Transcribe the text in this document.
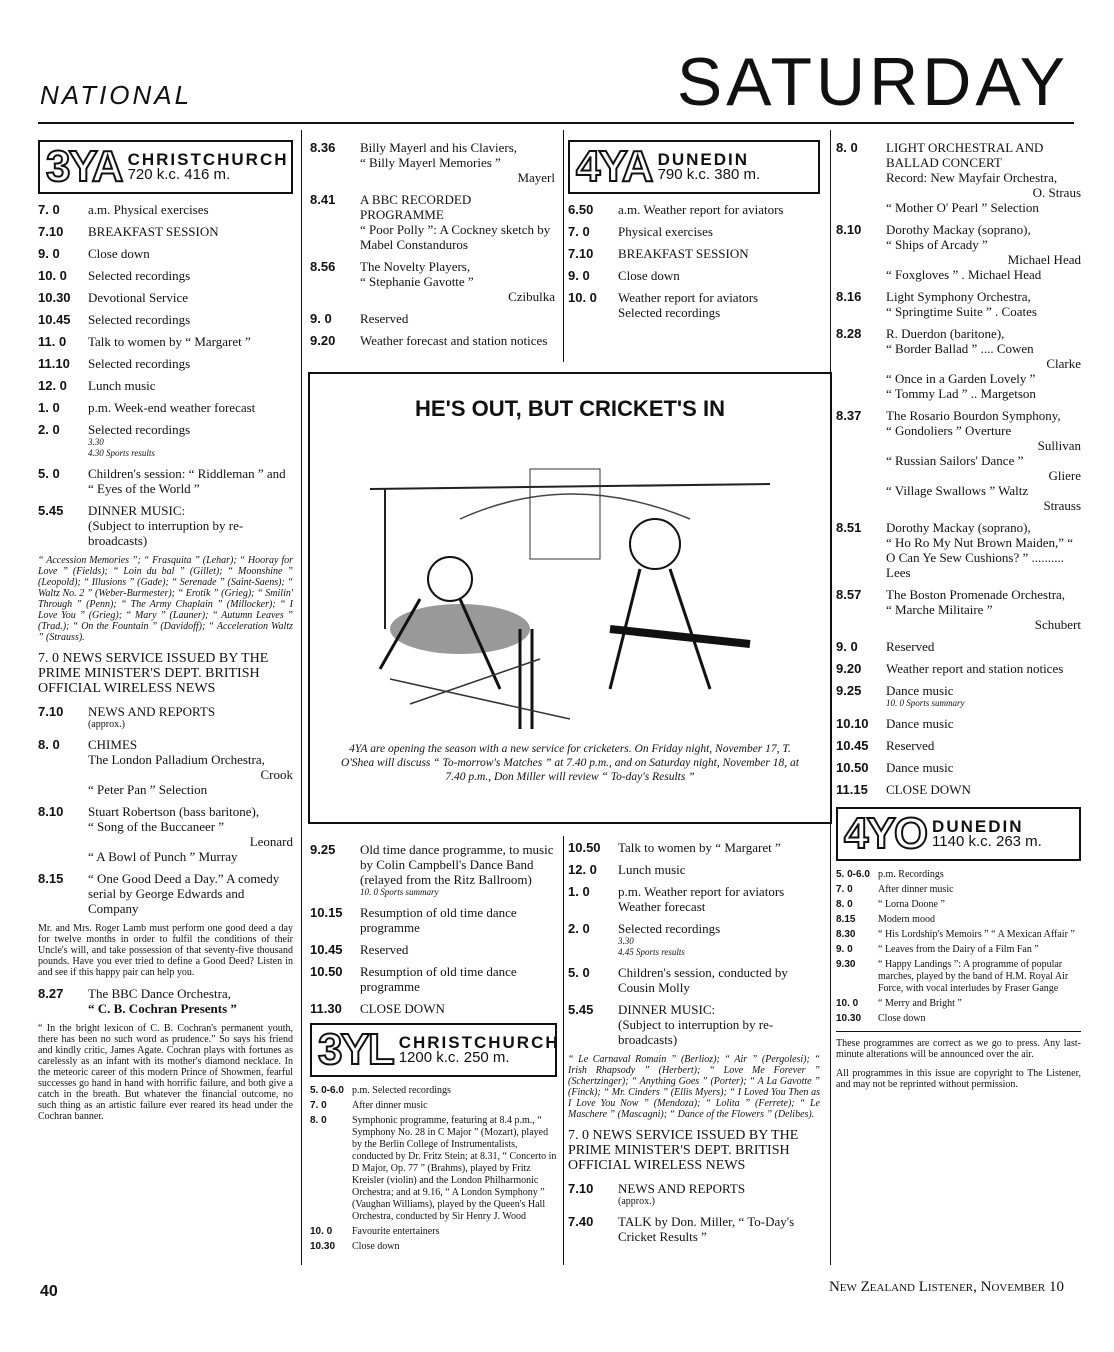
NATIONAL	SATURDAY
3YA CHRISTCHURCH
720 k.c. 416 m.
7. 0	a.m. Physical exercises
7.10	BREAKFAST SESSION
9. 0	Close down
10. 0	Selected recordings
10.30	Devotional Service
10.45	Selected recordings
11. 0	Talk to women by “ Margaret ”
11.10	Selected recordings
12. 0	Lunch music
1. 0	p.m. Week-end weather forecast
2. 0	Selected recordings
3.30
4.30 Sports results
5. 0	Children's session: “ Riddleman ” and “ Eyes of the World ”
5.45	DINNER MUSIC:
(Subject to interruption by re-broadcasts)
“ Accession Memories ”; “ Frasquita ” (Lehar); “ Hooray for Love ” (Fields); “ Loin du bal ” (Gillet); “ Moonshine ” (Leopold); “ Illusions ” (Gade); “ Serenade ” (Saint-Saens); “ Waltz No. 2 ” (Weber-Burmester); “ Erotik ” (Grieg); “ Smilin' Through ” (Penn); “ The Army Chaplain ” (Millocker); “ I Love You ” (Grieg); “ Mary ” (Launer); “ Autumn Leaves ” (Trad.); “ On the Fountain ” (Davidoff); “ Acceleration Waltz ” (Strauss).
7. 0 NEWS SERVICE ISSUED BY THE PRIME MINISTER'S DEPT. BRITISH OFFICIAL WIRELESS NEWS
7.10	NEWS AND REPORTS
(approx.)
8. 0	CHIMES
The London Palladium Orchestra,
Crook
“ Peter Pan ” Selection
8.10	Stuart Robertson (bass baritone),
“ Song of the Buccaneer ”
Leonard
“ A Bowl of Punch ” Murray
8.15	“ One Good Deed a Day.” A comedy serial by George Edwards and Company
Mr. and Mrs. Roger Lamb must perform one good deed a day for twelve months in order to fulfil the conditions of their Uncle's will, and take possession of that seventy-five thousand pounds. Have you ever tried to define a Good Deed? Listen in and see if this happy pair can help you.
8.27	The BBC Dance Orchestra,
“ C. B. Cochran Presents ”
“ In the bright lexicon of C. B. Cochran's permanent youth, there has been no such word as prudence.” So says his friend and kindly critic, James Agate. Cochran plays with fortunes as carelessly as an infant with its mother's diamond necklace. In the meteoric career of this modern Prince of Showmen, fearful successes go hand in hand with horrific failure, and both give a catch in the breath. But whatever the financial outcome, no such thing as an artistic failure ever reared its head under the Cochran banner.
8.36	Billy Mayerl and his Claviers,
“ Billy Mayerl Memories ”
Mayerl
8.41	A BBC RECORDED PROGRAMME
“ Poor Polly ”: A Cockney sketch by Mabel Constanduros
8.56	The Novelty Players,
“ Stephanie Gavotte ”
Czibulka
9. 0	Reserved
9.20	Weather forecast and station notices
4YA DUNEDIN
790 k.c. 380 m.
6.50	a.m. Weather report for aviators
7. 0	Physical exercises
7.10	BREAKFAST SESSION
9. 0	Close down
10. 0	Weather report for aviators
Selected recordings
HE'S OUT, BUT CRICKET'S IN
4YA are opening the season with a new service for cricketers. On Friday night, November 17, T. O'Shea will discuss “ To-morrow's Matches ” at 7.40 p.m., and on Saturday night, November 18, at 7.40 p.m., Don Miller will review “ To-day's Results ”
9.25	Old time dance programme, to music by Colin Campbell's Dance Band (relayed from the Ritz Ballroom)
10. 0 Sports summary
10.15	Resumption of old time dance programme
10.45	Reserved
10.50	Resumption of old time dance programme
11.30	CLOSE DOWN
3YL CHRISTCHURCH
1200 k.c. 250 m.
5. 0-6.0 p.m. Selected recordings
7. 0	After dinner music
8. 0	Symphonic programme, featuring at 8.4 p.m., “ Symphony No. 28 in C Major ” (Mozart), played by the Berlin College of Instrumentalists, conducted by Dr. Fritz Stein; at 8.31, “ Concerto in D Major, Op. 77 ” (Brahms), played by Fritz Kreisler (violin) and the London Philharmonic Orchestra; and at 9.16, “ A London Symphony ” (Vaughan Williams), played by the Queen's Hall Orchestra, conducted by Sir Henry J. Wood
10. 0	Favourite entertainers
10.30	Close down
10.50	Talk to women by “ Margaret ”
12. 0	Lunch music
1. 0	p.m. Weather report for aviators
Weather forecast
2. 0	Selected recordings
3.30
4.45 Sports results
5. 0	Children's session, conducted by Cousin Molly
5.45	DINNER MUSIC:
(Subject to interruption by re-broadcasts)
“ Le Carnaval Romain ” (Berlioz); “ Air ” (Pergolesi); “ Irish Rhapsody ” (Herbert); “ Love Me Forever ” (Schertzinger); “ Anything Goes ” (Porter); “ A La Gavotte ” (Finck); “ Mr. Cinders ” (Ellis Myers); “ I Loved You Then as I Love You Now ” (Mendoza); “ Lolita ” (Ferrete); “ Le Maschere ” (Mascagni); “ Dance of the Flowers ” (Delibes).
7. 0 NEWS SERVICE ISSUED BY THE PRIME MINISTER'S DEPT. BRITISH OFFICIAL WIRELESS NEWS
7.10	NEWS AND REPORTS
(approx.)
7.40	TALK by Don. Miller, “ To-Day's Cricket Results ”
8. 0	LIGHT ORCHESTRAL AND BALLAD CONCERT
Record: New Mayfair Orchestra,
O. Straus
“ Mother O' Pearl ” Selection
8.10	Dorothy Mackay (soprano),
“ Ships of Arcady ”
Michael Head
“ Foxgloves ” . Michael Head
8.16	Light Symphony Orchestra,
“ Springtime Suite ” . Coates
8.28	R. Duerdon (baritone),
“ Border Ballad ” .... Cowen
Clarke
“ Once in a Garden Lovely ”
“ Tommy Lad ” .. Margetson
8.37	The Rosario Bourdon Symphony,
“ Gondoliers ” Overture
Sullivan
“ Russian Sailors' Dance ”
Gliere
“ Village Swallows ” Waltz
Strauss
8.51	Dorothy Mackay (soprano),
“ Ho Ro My Nut Brown Maiden,” “ O Can Ye Sew Cushions? ” .......... Lees
8.57	The Boston Promenade Orchestra,
“ Marche Militaire ”
Schubert
9. 0	Reserved
9.20	Weather report and station notices
9.25	Dance music
10. 0 Sports summary
10.10	Dance music
10.45	Reserved
10.50	Dance music
11.15	CLOSE DOWN
4YO DUNEDIN
1140 k.c. 263 m.
5. 0-6.0 p.m. Recordings
7. 0	After dinner music
8. 0	“ Lorna Doone ”
8.15	Modern mood
8.30	“ His Lordship's Memoirs ” “ A Mexican Affair ”
9. 0	“ Leaves from the Dairy of a Film Fan ”
9.30	“ Happy Landings ”: A programme of popular marches, played by the band of H.M. Royal Air Force, with vocal interludes by Fraser Gange
10. 0	“ Merry and Bright ”
10.30	Close down
These programmes are correct as we go to press. Any last-minute alterations will be announced over the air.
All programmes in this issue are copyright to The Listener, and may not be reprinted without permission.
40	New Zealand Listener, November 10
